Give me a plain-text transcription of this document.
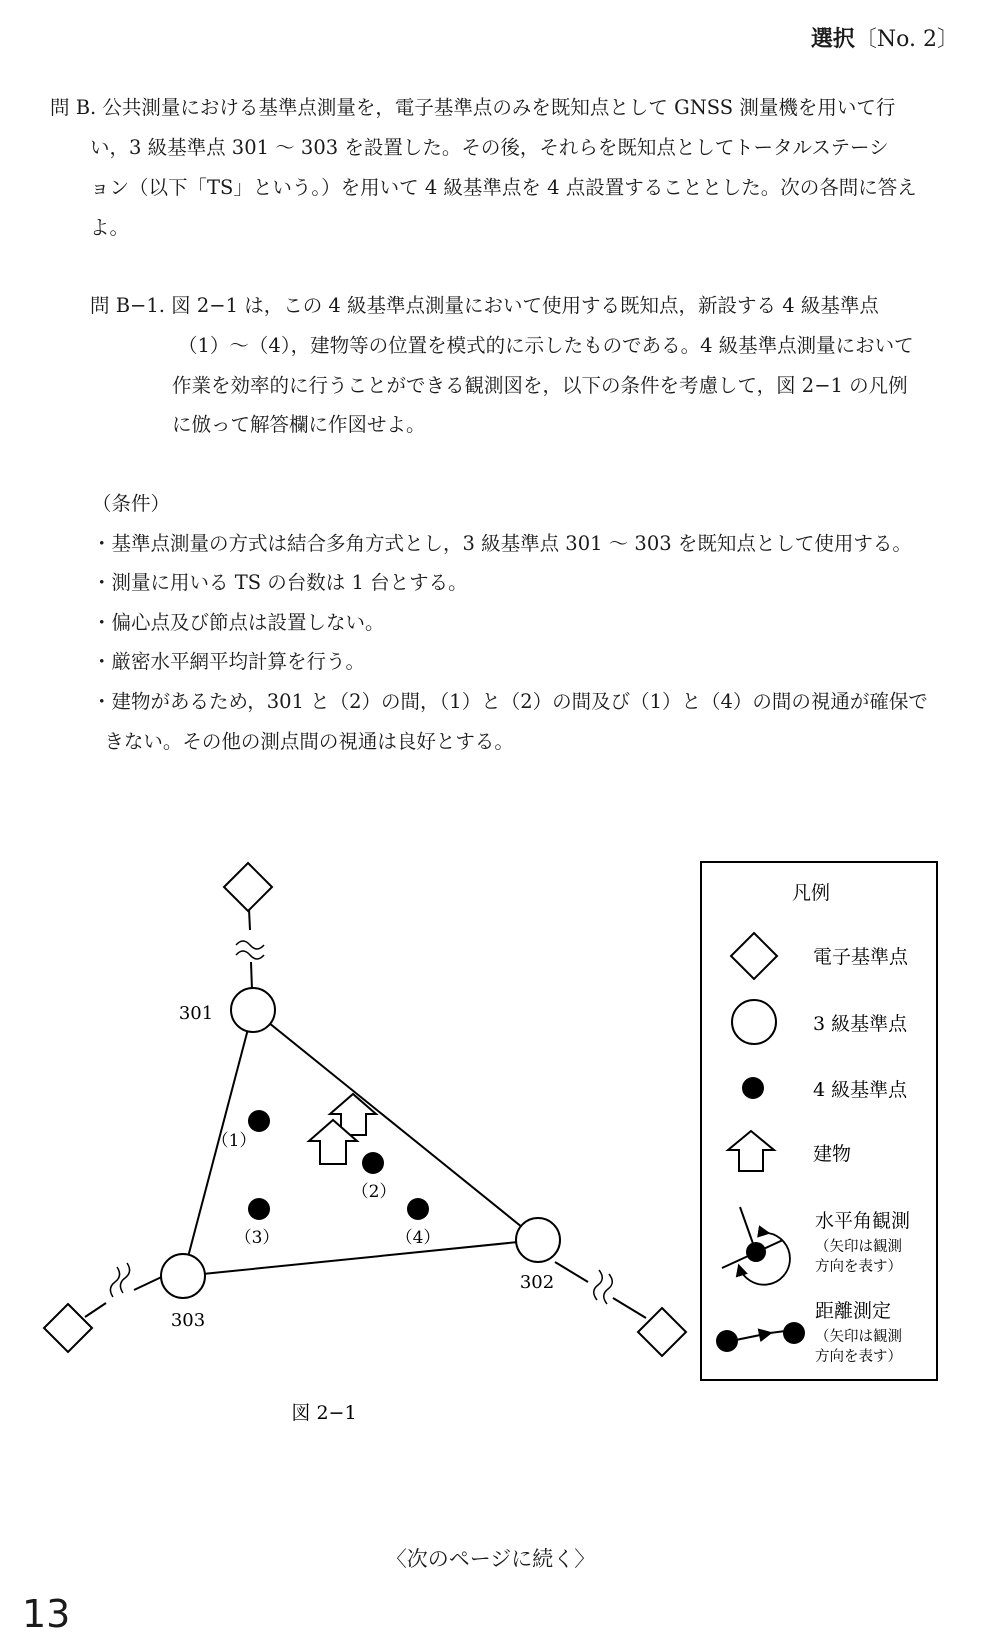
選択〔No. 2〕
問 B. 公共測量における基準点測量を，電子基準点のみを既知点として GNSS 測量機を用いて行
い，3 級基準点 301 〜 303 を設置した。その後，それらを既知点としてトータルステーシ
ョン（以下「TS」という。）を用いて 4 級基準点を 4 点設置することとした。次の各問に答え
よ。
問 B−1. 図 2−1 は，この 4 級基準点測量において使用する既知点，新設する 4 級基準点
（1）〜（4），建物等の位置を模式的に示したものである。4 級基準点測量において
作業を効率的に行うことができる観測図を，以下の条件を考慮して，図 2−1 の凡例
に倣って解答欄に作図せよ。
（条件）
・基準点測量の方式は結合多角方式とし，3 級基準点 301 〜 303 を既知点として使用する。
・測量に用いる TS の台数は 1 台とする。
・偏心点及び節点は設置しない。
・厳密水平網平均計算を行う。
・建物があるため，301 と（2）の間，（1）と（2）の間及び（1）と（4）の間の視通が確保で
きない。その他の測点間の視通は良好とする。
301
302
303
（1）
（2）
（3）	（4）
凡例
電子基準点
3 級基準点
4 級基準点
建物
水平角観測
（矢印は観測
方向を表す）
距離測定
（矢印は観測
方向を表す）
図 2−1
〈次のページに続く〉
13
